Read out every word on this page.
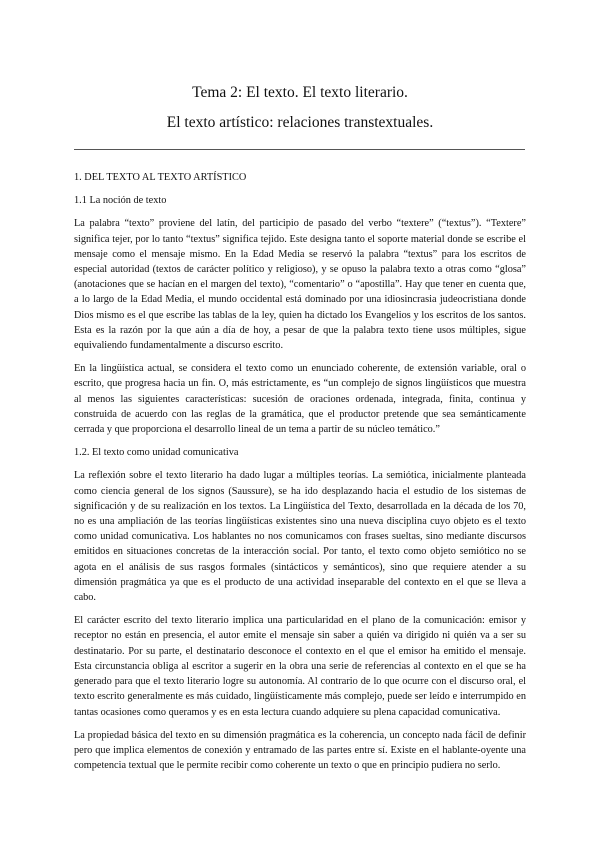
Tema 2: El texto. El texto literario.
El texto artístico: relaciones transtextuales.

1. DEL TEXTO AL TEXTO ARTÍSTICO

1.1 La noción de texto

La palabra “texto” proviene del latín, del participio de pasado del verbo “textere” (“textus”). “Textere” significa tejer, por lo tanto “textus” significa tejido. Este designa tanto el soporte material donde se escribe el mensaje como el mensaje mismo. En la Edad Media se reservó la palabra “textus” para los escritos de especial autoridad (textos de carácter político y religioso), y se opuso la palabra texto a otras como “glosa” (anotaciones que se hacían en el margen del texto), “comentario” o “apostilla”. Hay que tener en cuenta que, a lo largo de la Edad Media, el mundo occidental está dominado por una idiosincrasia judeocristiana donde Dios mismo es el que escribe las tablas de la ley, quien ha dictado los Evangelios y los escritos de los santos. Esta es la razón por la que aún a día de hoy, a pesar de que la palabra texto tiene usos múltiples, sigue equivaliendo fundamentalmente a discurso escrito.

En la lingüística actual, se considera el texto como un enunciado coherente, de extensión variable, oral o escrito, que progresa hacia un fin. O, más estrictamente, es “un complejo de signos lingüísticos que muestra al menos las siguientes características: sucesión de oraciones ordenada, integrada, finita, continua y construida de acuerdo con las reglas de la gramática, que el productor pretende que sea semánticamente cerrada y que proporciona el desarrollo lineal de un tema a partir de su núcleo temático.”

1.2. El texto como unidad comunicativa

La reflexión sobre el texto literario ha dado lugar a múltiples teorías. La semiótica, inicialmente planteada como ciencia general de los signos (Saussure), se ha ido desplazando hacia el estudio de los sistemas de significación y de su realización en los textos. La Lingüística del Texto, desarrollada en la década de los 70, no es una ampliación de las teorías lingüísticas existentes sino una nueva disciplina cuyo objeto es el texto como unidad comunicativa. Los hablantes no nos comunicamos con frases sueltas, sino mediante discursos emitidos en situaciones concretas de la interacción social. Por tanto, el texto como objeto semiótico no se agota en el análisis de sus rasgos formales (sintácticos y semánticos), sino que requiere atender a su dimensión pragmática ya que es el producto de una actividad inseparable del contexto en el que se lleva a cabo.

El carácter escrito del texto literario implica una particularidad en el plano de la comunicación: emisor y receptor no están en presencia, el autor emite el mensaje sin saber a quién va dirigido ni quién va a ser su destinatario. Por su parte, el destinatario desconoce el contexto en el que el emisor ha emitido el mensaje. Esta circunstancia obliga al escritor a sugerir en la obra una serie de referencias al contexto en el que se ha generado para que el texto literario logre su autonomía. Al contrario de lo que ocurre con el discurso oral, el texto escrito generalmente es más cuidado, lingüísticamente más complejo, puede ser leído e interrumpido en tantas ocasiones como queramos y es en esta lectura cuando adquiere su plena capacidad comunicativa.

La propiedad básica del texto en su dimensión pragmática es la coherencia, un concepto nada fácil de definir pero que implica elementos de conexión y entramado de las partes entre sí. Existe en el hablante-oyente una competencia textual que le permite recibir como coherente un texto o que en principio pudiera no serlo.
